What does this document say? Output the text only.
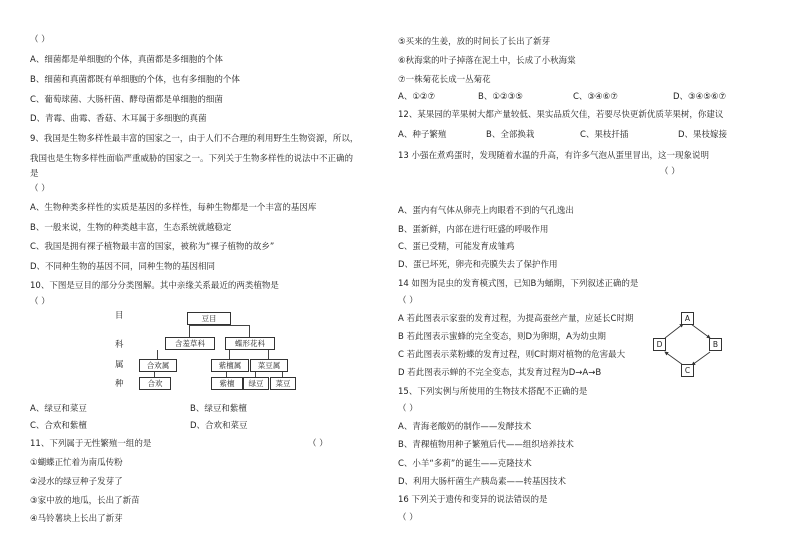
（ ）
A、细菌都是单细胞的个体，真菌都是多细胞的个体
B、细菌和真菌都既有单细胞的个体，也有多细胞的个体
C、葡萄球菌、大肠杆菌、酵母菌都是单细胞的细菌
D、青霉、曲霉、香菇、木耳属于多细胞的真菌
9、我国是生物多样性最丰富的国家之一，由于人们不合理的利用野生生物资源，所以，
我国也是生物多样性面临严重威胁的国家之一。下列关于生物多样性的说法中不正确的
是
（ ）
A、生物种类多样性的实质是基因的多样性，每种生物都是一个丰富的基因库
B、一般来说，生物的种类越丰富，生态系统就越稳定
C、我国是拥有裸子植物最丰富的国家，被称为“裸子植物的故乡”
D、不同种生物的基因不同，同种生物的基因相同
10、下图是豆目的部分分类图解。其中亲缘关系最近的两类植物是
（ ）
目
科
属
种
豆目
含羞草科	蝶形花科
合欢属	紫檀属	菜豆属
合欢	紫檀	绿豆	菜豆
A、绿豆和菜豆	B、绿豆和紫檀
C、合欢和紫檀	D、合欢和菜豆
11、下列属于无性繁殖一组的是	（ ）
①蝴蝶正忙着为南瓜传粉
②浸水的绿豆种子发芽了
③家中放的地瓜，长出了新苗
④马铃薯块上长出了新芽
⑤买来的生姜，放的时间长了长出了新芽
⑥秋海棠的叶子掉落在泥土中，长成了小秋海棠
⑦一株菊花长成一丛菊花
A、①②⑦	B、①②③⑤	C、③④⑥⑦	D、③④⑤⑥⑦
12、某果园的苹果树大都产量较低、果实品质欠佳，若要尽快更新优质苹果树，你建议
A、种子繁殖	B、全部换栽	C、果枝扦插	D、果枝嫁接
13 小强在煮鸡蛋时，发现随着水温的升高，有许多气泡从蛋里冒出，这一现象说明
（ ）
A、蛋内有气体从卵壳上肉眼看不到的气孔逸出
B、蛋新鲜，内部在进行旺盛的呼吸作用
C、蛋已受精，可能发育成雏鸡
D、蛋已坏死，卵壳和壳膜失去了保护作用
14 如图为昆虫的发育模式图，已知B为蛹期，下列叙述正确的是
（ ）
A 若此图表示家蚕的发育过程，为提高蚕丝产量，应延长C时期
B 若此图表示蜜蜂的完全变态，则D为卵期，A为幼虫期
C 若此图表示菜粉蝶的发育过程，则C时期对植物的危害最大
D 若此图表示蝉的不完全变态，其发育过程为D→A→B
A
B
C
D
15、下列实例与所使用的生物技术搭配不正确的是
（ ）
A、青海老酸奶的制作——发酵技术
B、青稞植物用种子繁殖后代——组织培养技术
C、小羊“多莉”的诞生——克隆技术
D、利用大肠杆菌生产胰岛素——转基因技术
16 下列关于遗传和变异的说法错误的是
（ ）
